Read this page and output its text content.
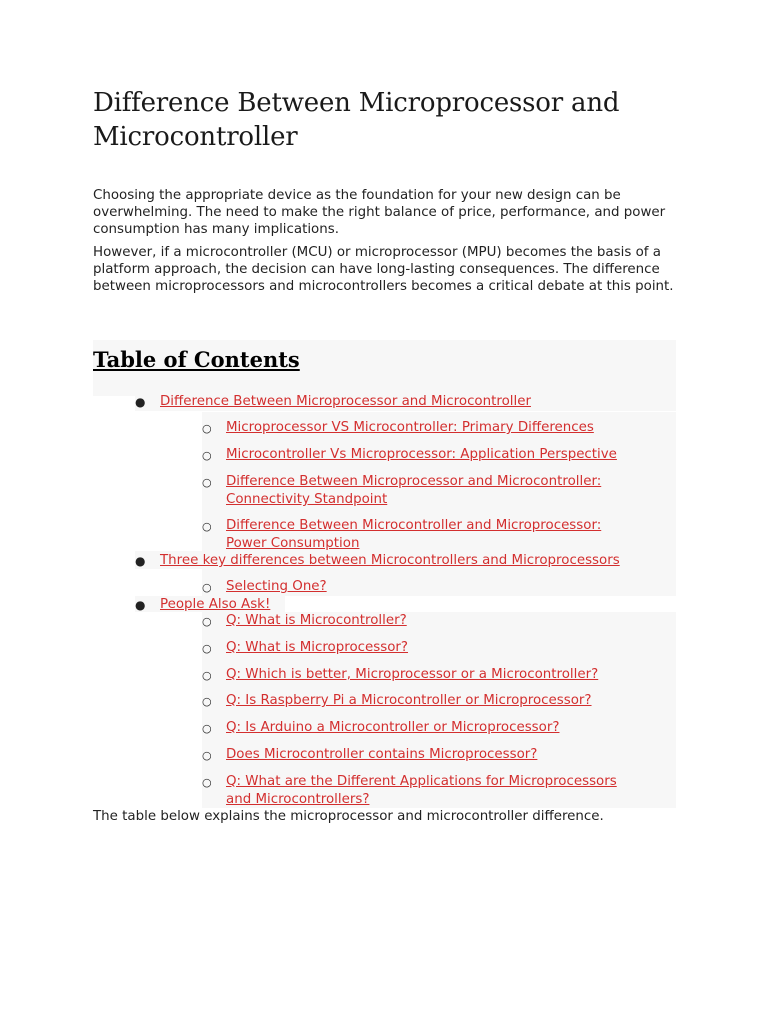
Difference Between Microprocessor and Microcontroller

Choosing the appropriate device as the foundation for your new design can be overwhelming. The need to make the right balance of price, performance, and power consumption has many implications.

However, if a microcontroller (MCU) or microprocessor (MPU) becomes the basis of a platform approach, the decision can have long-lasting consequences. The difference between microprocessors and microcontrollers becomes a critical debate at this point.

Table of Contents
● Difference Between Microprocessor and Microcontroller
○ Microprocessor VS Microcontroller: Primary Differences
○ Microcontroller Vs Microprocessor: Application Perspective
○ Difference Between Microprocessor and Microcontroller:
Connectivity Standpoint
○ Difference Between Microcontroller and Microprocessor:
Power Consumption
● Three key differences between Microcontrollers and Microprocessors
○ Selecting One?
● People Also Ask!
○ Q: What is Microcontroller?
○ Q: What is Microprocessor?
○ Q: Which is better, Microprocessor or a Microcontroller?
○ Q: Is Raspberry Pi a Microcontroller or Microprocessor?
○ Q: Is Arduino a Microcontroller or Microprocessor?
○ Does Microcontroller contains Microprocessor?
○ Q: What are the Different Applications for Microprocessors
and Microcontrollers?

The table below explains the microprocessor and microcontroller difference.
